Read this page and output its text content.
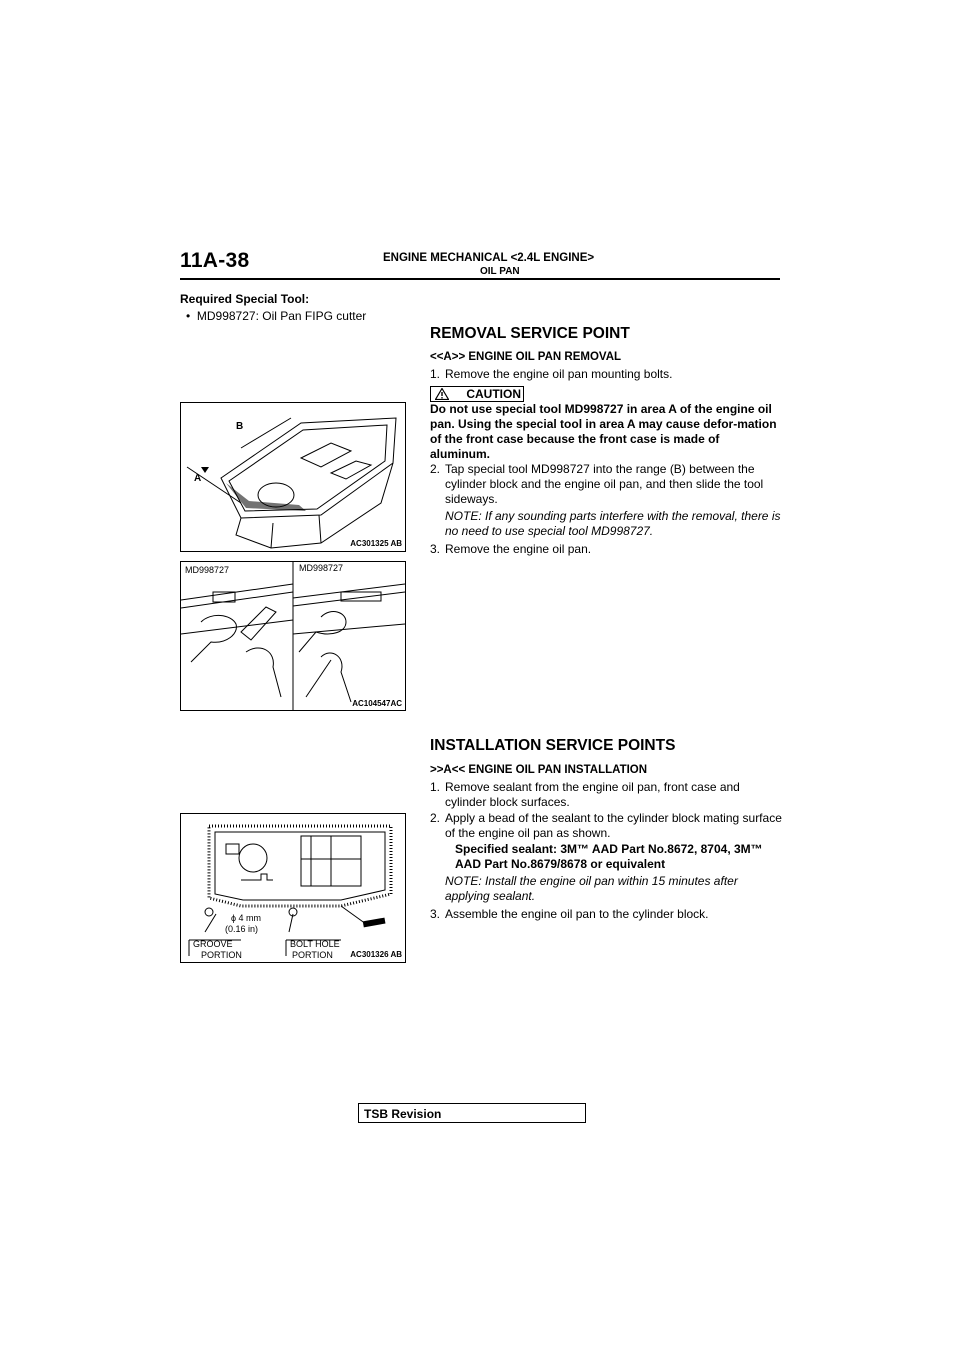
11A-38	ENGINE MECHANICAL <2.4L ENGINE>
OIL PAN
Required Special Tool:
• MD998727: Oil Pan FIPG cutter
REMOVAL SERVICE POINT
<<A>> ENGINE OIL PAN REMOVAL
1. Remove the engine oil pan mounting bolts.
CAUTION
Do not use special tool MD998727 in area A of the engine oil pan. Using the special tool in area A may cause defor-mation of the front case because the front case is made of aluminum.
2. Tap special tool MD998727 into the range (B) between the cylinder block and the engine oil pan, and then slide the tool sideways.
NOTE: If any sounding parts interfere with the removal, there is no need to use special tool MD998727.
3. Remove the engine oil pan.
B
A
AC301325 AB
MD998727	MD998727
AC104547AC
INSTALLATION SERVICE POINTS
>>A<< ENGINE OIL PAN INSTALLATION
1. Remove sealant from the engine oil pan, front case and cylinder block surfaces.
2. Apply a bead of the sealant to the cylinder block mating surface of the engine oil pan as shown.
Specified sealant: 3M™ AAD Part No.8672, 8704, 3M™ AAD Part No.8679/8678 or equivalent
NOTE: Install the engine oil pan within 15 minutes after applying sealant.
3. Assemble the engine oil pan to the cylinder block.
ϕ 4 mm
(0.16 in)
GROOVE
PORTION
BOLT HOLE
PORTION AC301326 AB
TSB Revision
